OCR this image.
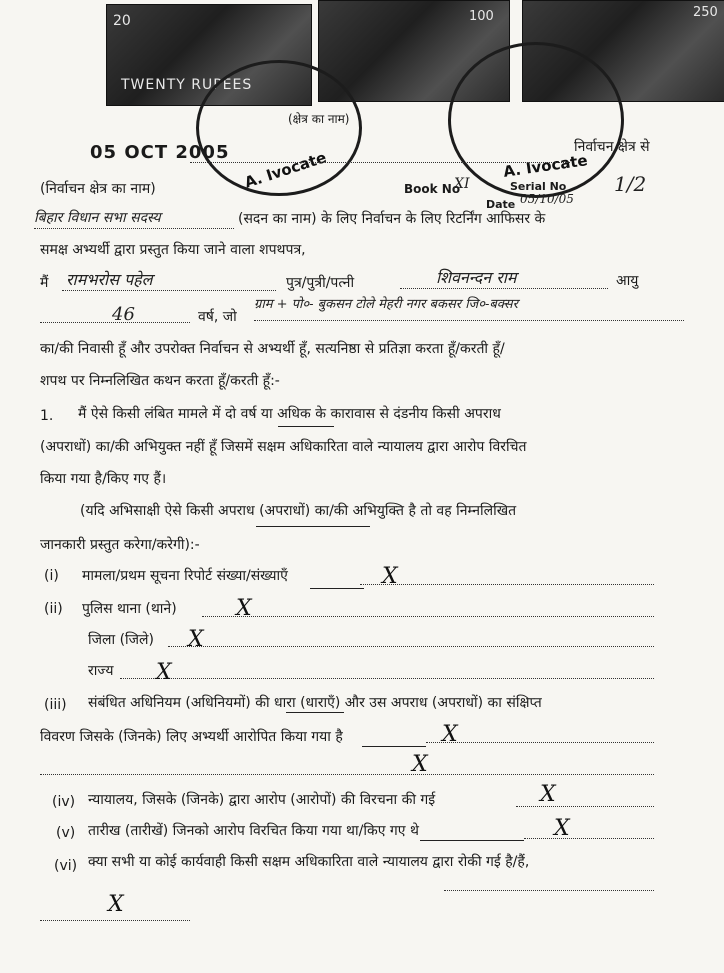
20
TWENTY RUPEES
100	250
A. Ivocate	A. Ivocate
(क्षेत्र का नाम)
05 OCT 2005	निर्वाचन क्षेत्र से
(निर्वाचन क्षेत्र का नाम)	Book No
XI	Serial No
Date 05/10/05
1/2
बिहार विधान सभा सदस्य	(सदन का नाम) के लिए निर्वाचन के लिए रिटर्निंग आफिसर के
समक्ष अभ्यर्थी द्वारा प्रस्तुत किया जाने वाला शपथपत्र,
मैं रामभरोस पहेल	पुत्र/पुत्री/पत्नी	शिवनन्दन राम	आयु
46	वर्ष, जो
ग्राम + पो०- बुकसन टोले मेहरी नगर बकसर जि०-बक्सर
का/की निवासी हूँ और उपरोक्त निर्वाचन से अभ्यर्थी हूँ, सत्यनिष्ठा से प्रतिज्ञा करता हूँ/करती हूँ/
शपथ पर निम्नलिखित कथन करता हूँ/करती हूँ:-
1. मैं ऐसे किसी लंबित मामले में दो वर्ष या अधिक के कारावास से दंडनीय किसी अपराध
(अपराधों) का/की अभियुक्त नहीं हूँ जिसमें सक्षम अधिकारिता वाले न्यायालय द्वारा आरोप विरचित
किया गया है/किए गए हैं।
(यदि अभिसाक्षी ऐसे किसी अपराध (अपराधों) का/की अभियुक्ति है तो वह निम्नलिखित
जानकारी प्रस्तुत करेगा/करेगी):-
(i) मामला/प्रथम सूचना रिपोर्ट संख्या/संख्याएँ	X
(ii) पुलिस थाना (थाने)	X
जिला (जिले) X
राज्य X
(iii) संबंधित अधिनियम (अधिनियमों) की धारा (धाराएँ) और उस अपराध (अपराधों) का संक्षिप्त
विवरण जिसके (जिनके) लिए अभ्यर्थी आरोपित किया गया है	X
X
(iv) न्यायालय, जिसके (जिनके) द्वारा आरोप (आरोपों) की विरचना की गई	X
(v) तारीख (तारीखें) जिनको आरोप विरचित किया गया था/किए गए थे	X
(vi) क्या सभी या कोई कार्यवाही किसी सक्षम अधिकारिता वाले न्यायालय द्वारा रोकी गई है/हैं,
X
